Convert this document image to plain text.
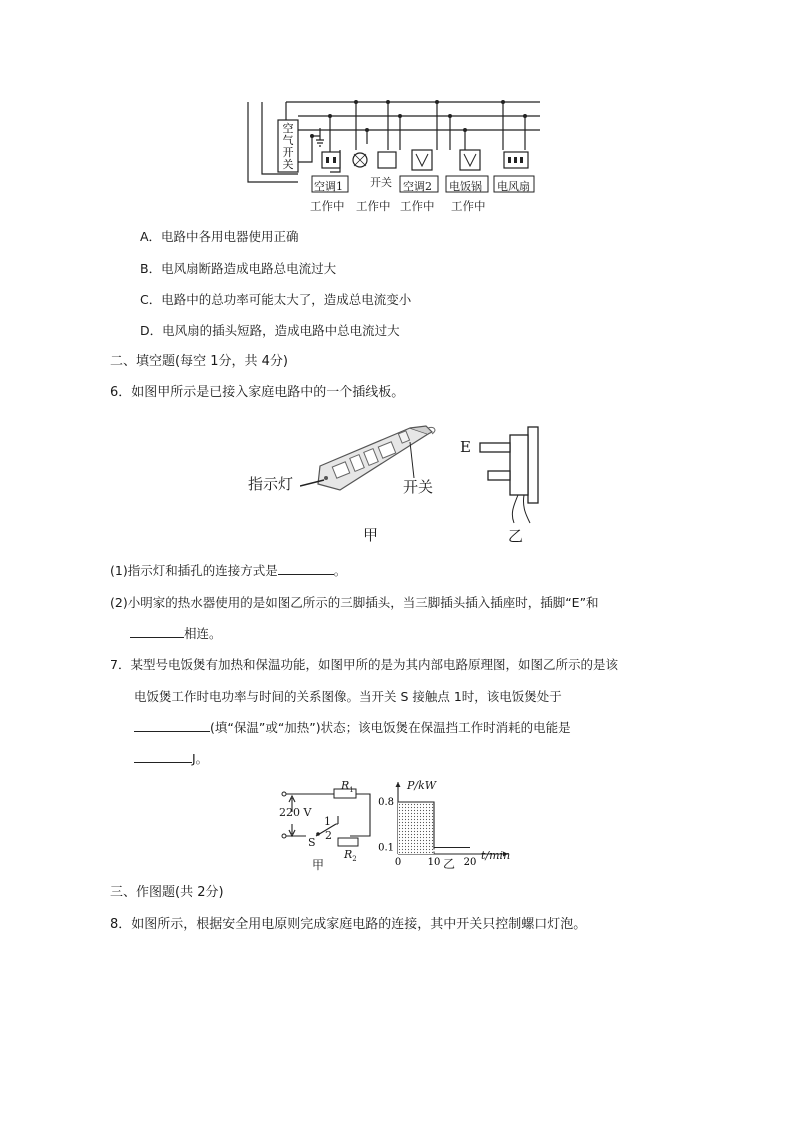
空
气
开
关
空调1 开关 空调2 电饭锅 电风扇
工作中 工作中 工作中 工作中
A．电路中各用电器使用正确
B．电风扇断路造成电路总电流过大
C．电路中的总功率可能太大了，造成总电流变小
D．电风扇的插头短路，造成电路中总电流过大
二、填空题(每空 1分，共 4分)
6．如图甲所示是已接入家庭电路中的一个插线板。
指示灯	开关
甲
E
乙
(1)指示灯和插孔的连接方式是	。
(2)小明家的热水器使用的是如图乙所示的三脚插头，当三脚插头插入插座时，插脚“E”和
相连。
7．某型号电饭煲有加热和保温功能，如图甲所的是为其内部电路原理图，如图乙所示的是该
电饭煲工作时电功率与时间的关系图像。当开关 S 接触点 1时，该电饭煲处于
(填“保温”或“加热”)状态；该电饭煲在保温挡工作时消耗的电能是
J。
220 V
$R_1$
$R_2$
1
2
S
甲	0	10 20
0.1
0.8
P/kW
t/min
乙
三、作图题(共 2分)
8．如图所示，根据安全用电原则完成家庭电路的连接，其中开关只控制螺口灯泡。
